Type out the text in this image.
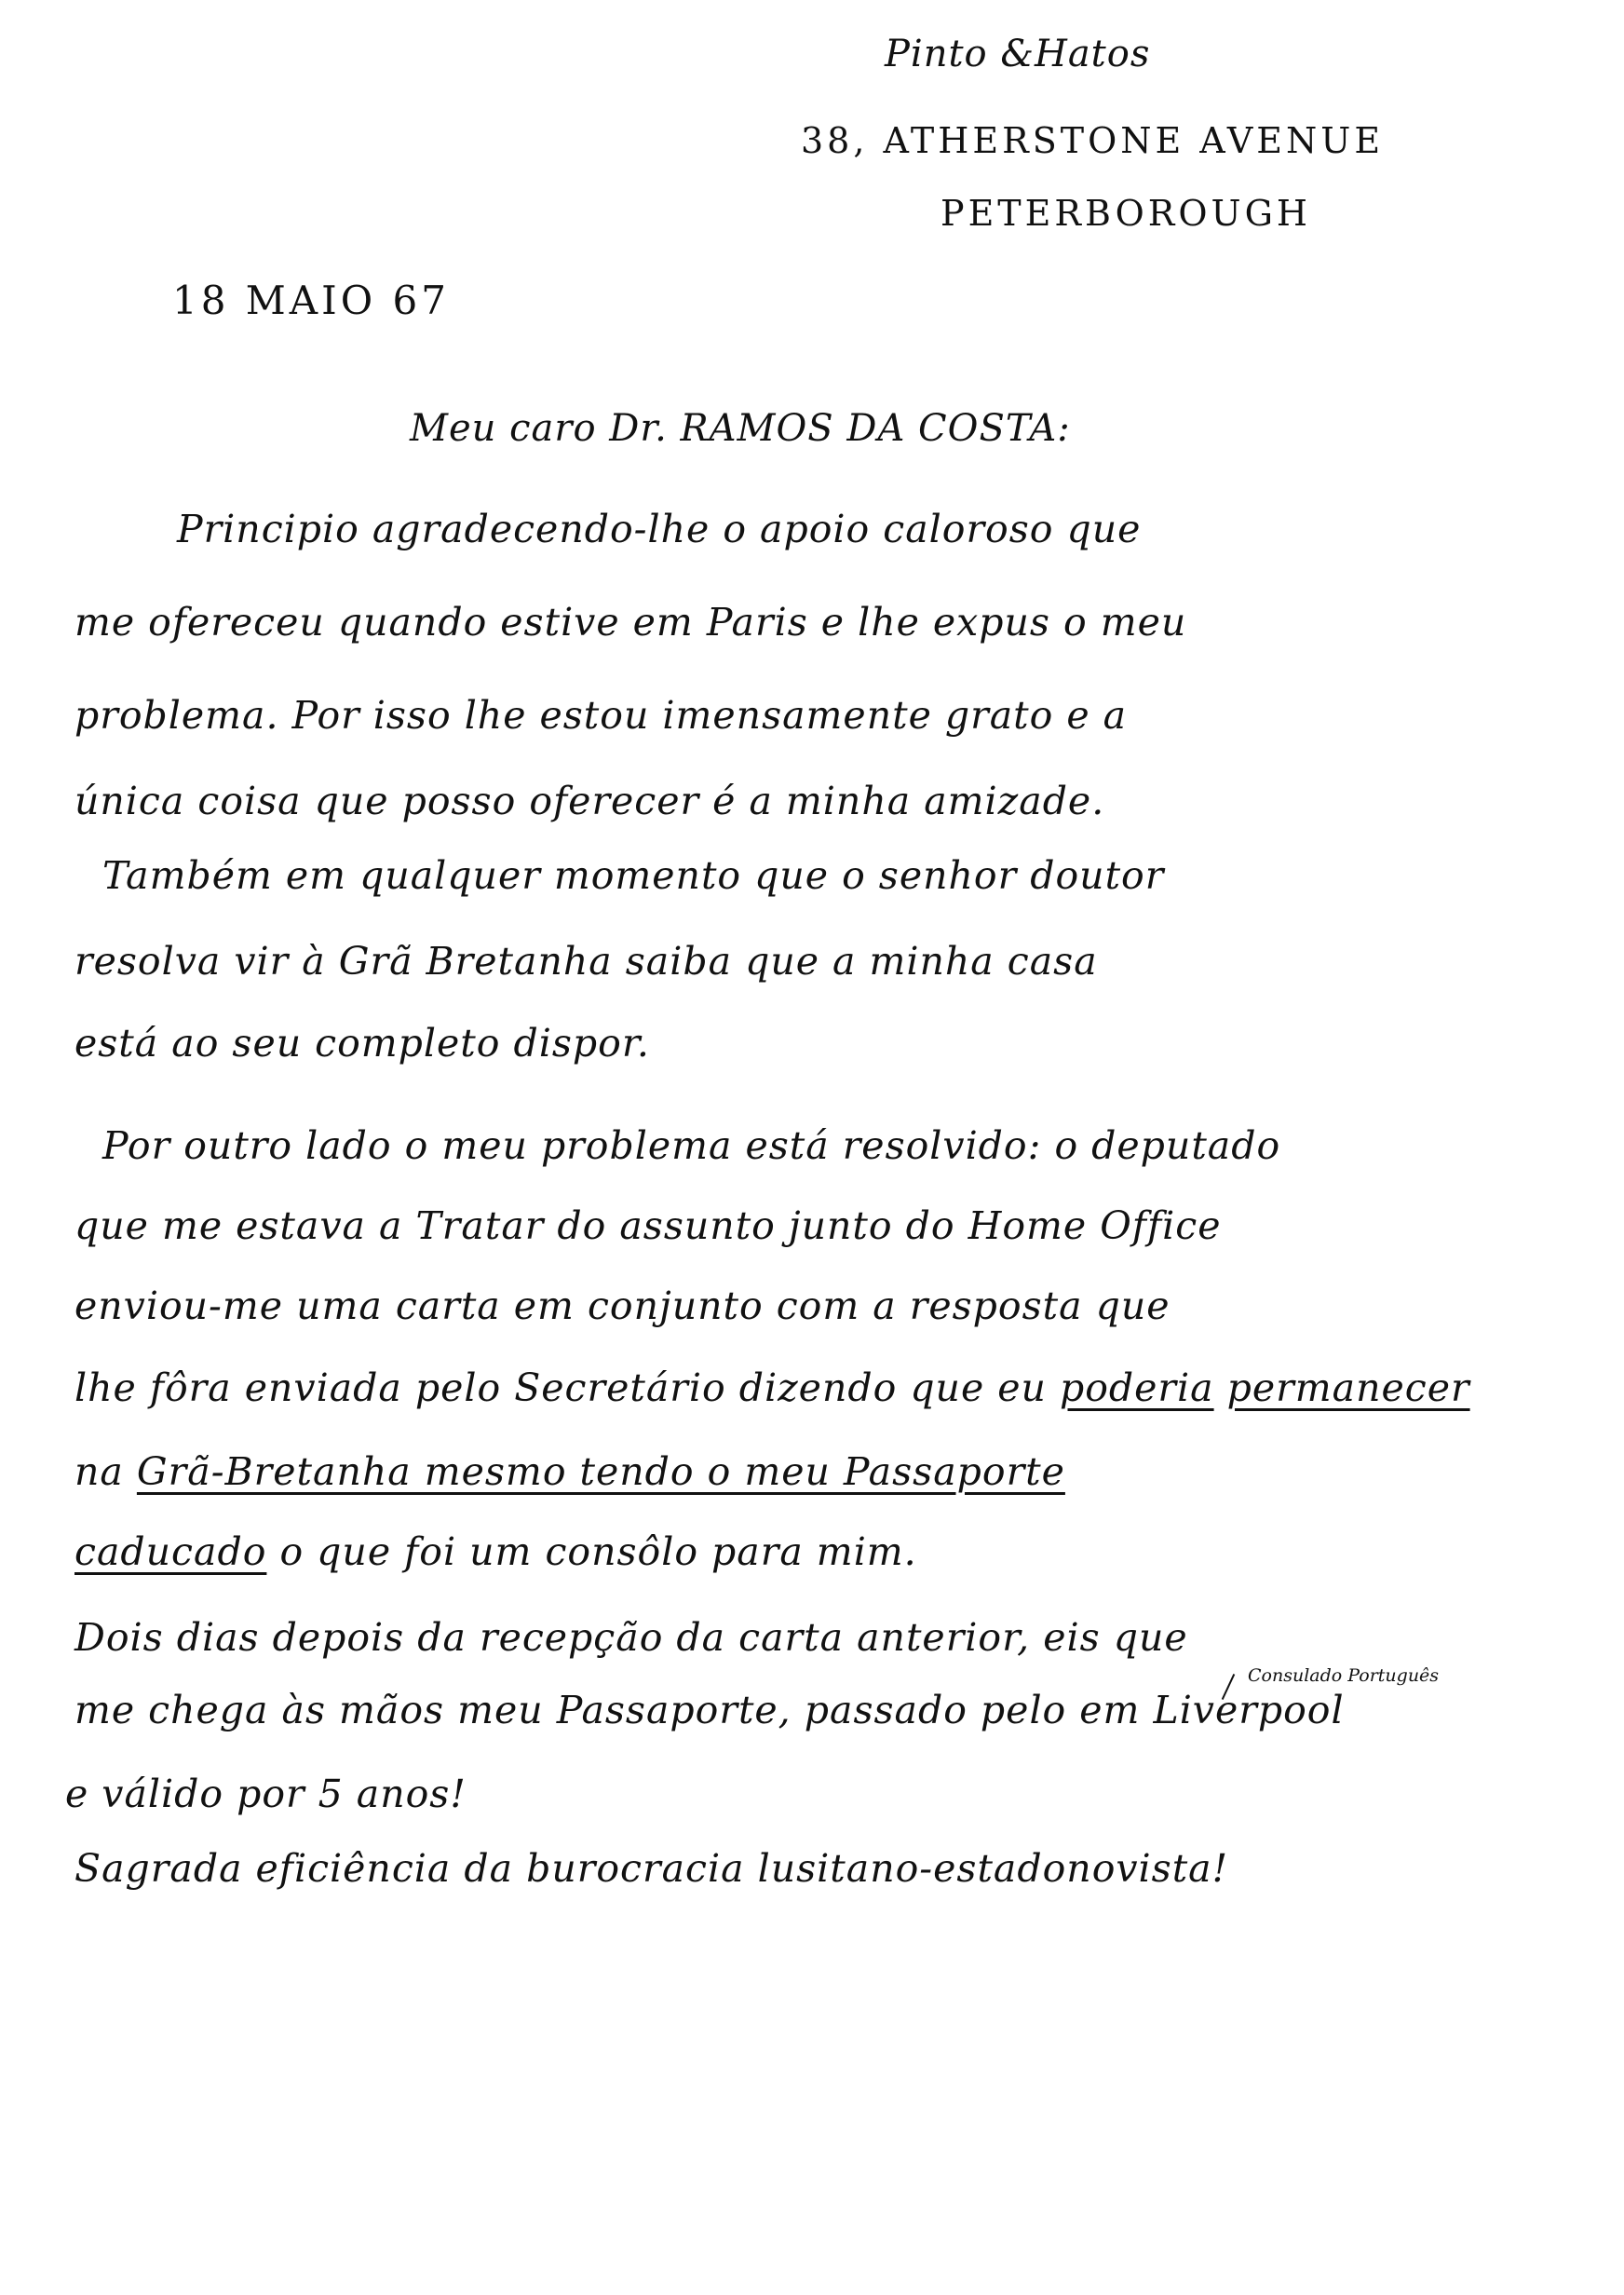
Pinto &Hatos
38, ATHERSTONE AVENUE
PETERBOROUGH
18 MAIO 67
Meu caro Dr. RAMOS DA COSTA:
Principio agradecendo-lhe o apoio caloroso que
me ofereceu quando estive em Paris e lhe expus o meu
problema. Por isso lhe estou imensamente grato e a
única coisa que posso oferecer é a minha amizade.
Também em qualquer momento que o senhor doutor
resolva vir à Grã Bretanha saiba que a minha casa
está ao seu completo dispor.
Por outro lado o meu problema está resolvido: o deputado
que me estava a Tratar do assunto junto do Home Office
enviou-me uma carta em conjunto com a resposta que
lhe fôra enviada pelo Secretário dizendo que eu poderia permanecer
na Grã-Bretanha mesmo tendo o meu Passaporte
caducado o que foi um consôlo para mim.
Dois dias depois da recepção da carta anterior, eis que
Consulado Português
me chega às mãos meu Passaporte, passado pelo em Liverpool
e válido por 5 anos!
Sagrada eficiência da burocracia lusitano-estadonovista!
